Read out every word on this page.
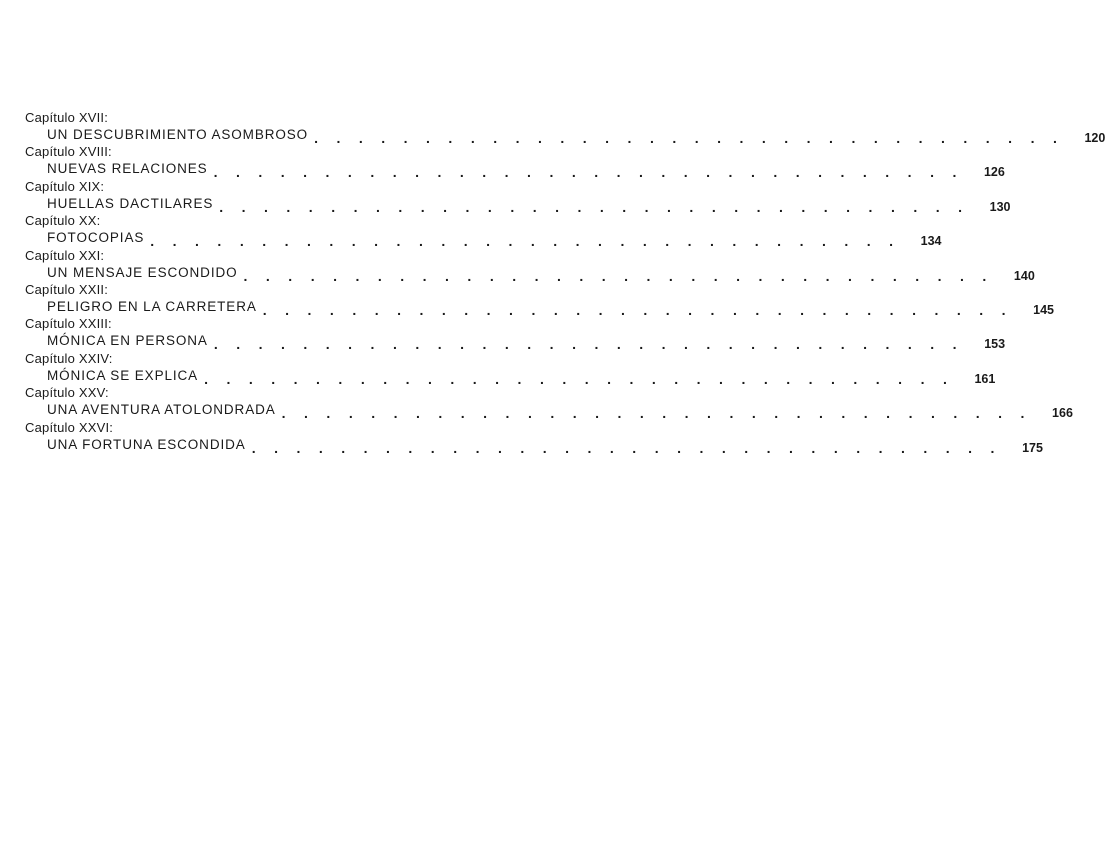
Capítulo XVII:
UN DESCUBRIMIENTO ASOMBROSO .................................. 120
Capítulo XVIII:
NUEVAS RELACIONES .................................. 126
Capítulo XIX:
HUELLAS DACTILARES .................................. 130
Capítulo XX:
FOTOCOPIAS .................................. 134
Capítulo XXI:
UN MENSAJE ESCONDIDO .................................. 140
Capítulo XXII:
PELIGRO EN LA CARRETERA .................................. 145
Capítulo XXIII:
MÓNICA EN PERSONA .................................. 153
Capítulo XXIV:
MÓNICA SE EXPLICA .................................. 161
Capítulo XXV:
UNA AVENTURA ATOLONDRADA .................................. 166
Capítulo XXVI:
UNA FORTUNA ESCONDIDA .................................. 175
